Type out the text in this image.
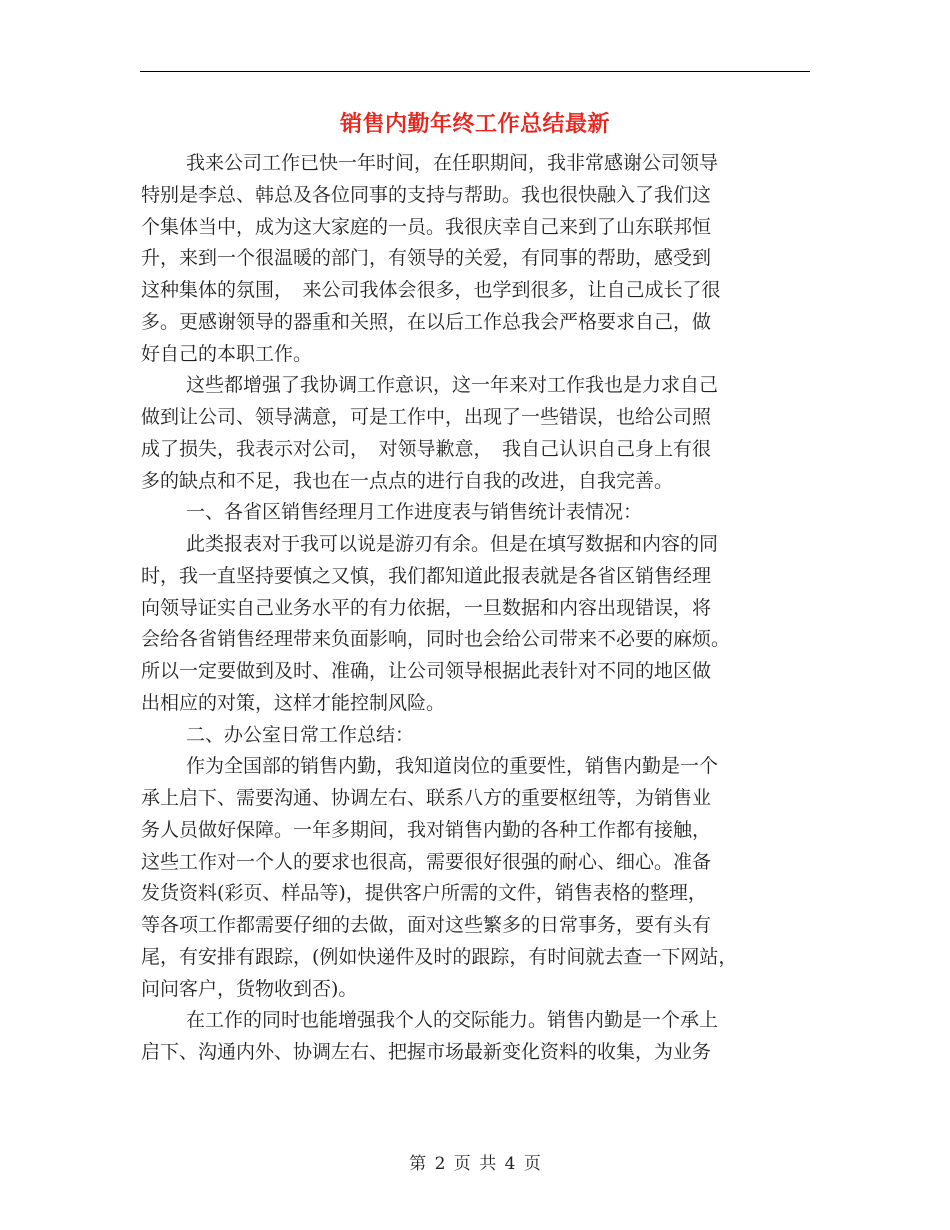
销售内勤年终工作总结最新
我来公司工作已快一年时间，在任职期间，我非常感谢公司领导
特别是李总、韩总及各位同事的支持与帮助。我也很快融入了我们这
个集体当中，成为这大家庭的一员。我很庆幸自己来到了山东联邦恒
升，来到一个很温暖的部门，有领导的关爱，有同事的帮助，感受到
这种集体的氛围，　来公司我体会很多，也学到很多，让自己成长了很
多。更感谢领导的器重和关照，在以后工作总我会严格要求自己，做
好自己的本职工作。
这些都增强了我协调工作意识，这一年来对工作我也是力求自己
做到让公司、领导满意，可是工作中，出现了一些错误，也给公司照
成了损失，我表示对公司，　对领导歉意，　我自己认识自己身上有很
多的缺点和不足，我也在一点点的进行自我的改进，自我完善。
一、各省区销售经理月工作进度表与销售统计表情况：
此类报表对于我可以说是游刃有余。但是在填写数据和内容的同
时，我一直坚持要慎之又慎，我们都知道此报表就是各省区销售经理
向领导证实自己业务水平的有力依据，一旦数据和内容出现错误，将
会给各省销售经理带来负面影响，同时也会给公司带来不必要的麻烦。
所以一定要做到及时、准确，让公司领导根据此表针对不同的地区做
出相应的对策，这样才能控制风险。
二、办公室日常工作总结：
作为全国部的销售内勤，我知道岗位的重要性，销售内勤是一个
承上启下、需要沟通、协调左右、联系八方的重要枢纽等，为销售业
务人员做好保障。一年多期间，我对销售内勤的各种工作都有接触，
这些工作对一个人的要求也很高，需要很好很强的耐心、细心。准备
发货资料(彩页、样品等)，提供客户所需的文件，销售表格的整理，
等各项工作都需要仔细的去做，面对这些繁多的日常事务，要有头有
尾，有安排有跟踪，(例如快递件及时的跟踪，有时间就去查一下网站，
问问客户，货物收到否)。
在工作的同时也能增强我个人的交际能力。销售内勤是一个承上
启下、沟通内外、协调左右、把握市场最新变化资料的收集，为业务
第 2 页 共 4 页
